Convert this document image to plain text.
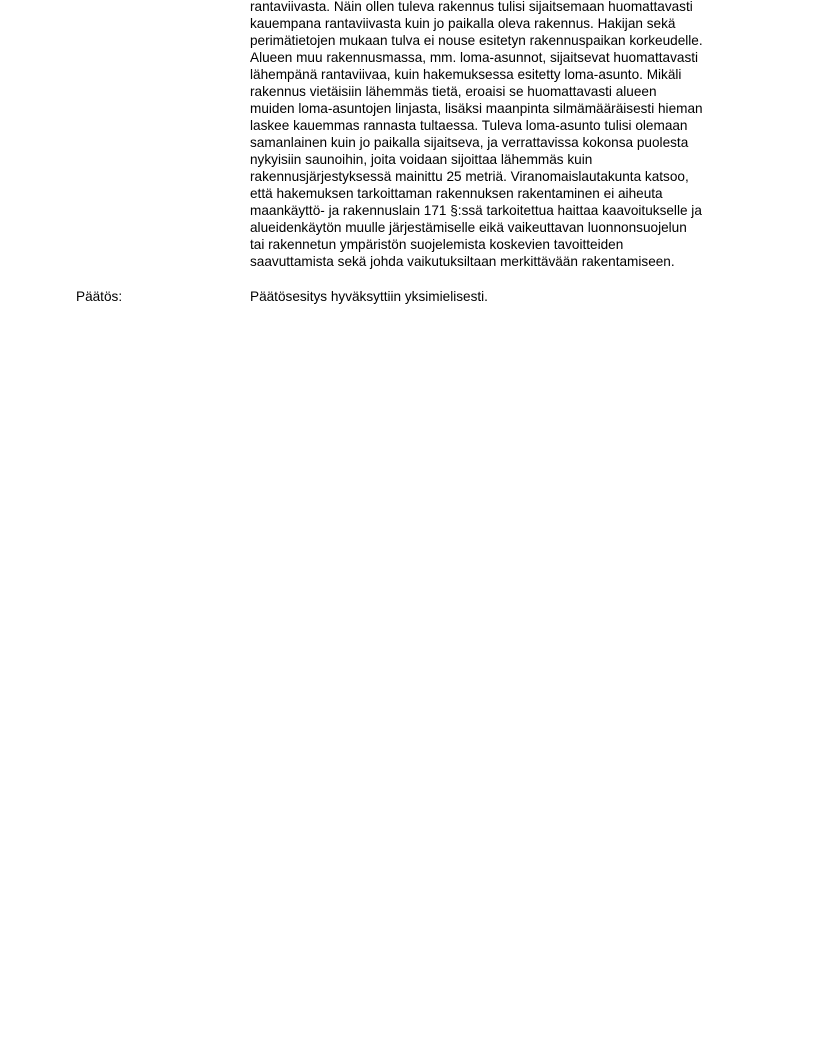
rantaviivasta. Näin ollen tuleva rakennus tulisi sijaitsemaan huomattavasti
kauempana rantaviivasta kuin jo paikalla oleva rakennus. Hakijan sekä
perimätietojen mukaan tulva ei nouse esitetyn rakennuspaikan korkeudelle.
Alueen muu rakennusmassa, mm. loma-asunnot, sijaitsevat huomattavasti
lähempänä rantaviivaa, kuin hakemuksessa esitetty loma-asunto. Mikäli
rakennus vietäisiin lähemmäs tietä, eroaisi se huomattavasti alueen
muiden loma-asuntojen linjasta, lisäksi maanpinta silmämääräisesti hieman
laskee kauemmas rannasta tultaessa. Tuleva loma-asunto tulisi olemaan
samanlainen kuin jo paikalla sijaitseva, ja verrattavissa kokonsa puolesta
nykyisiin saunoihin, joita voidaan sijoittaa lähemmäs kuin
rakennusjärjestyksessä mainittu 25 metriä. Viranomaislautakunta katsoo,
että hakemuksen tarkoittaman rakennuksen rakentaminen ei aiheuta
maankäyttö- ja rakennuslain 171 §:ssä tarkoitettua haittaa kaavoitukselle ja
alueidenkäytön muulle järjestämiselle eikä vaikeuttavan luonnonsuojelun
tai rakennetun ympäristön suojelemista koskevien tavoitteiden
saavuttamista sekä johda vaikutuksiltaan merkittävään rakentamiseen.
Päätös:	Päätösesitys hyväksyttiin yksimielisesti.
